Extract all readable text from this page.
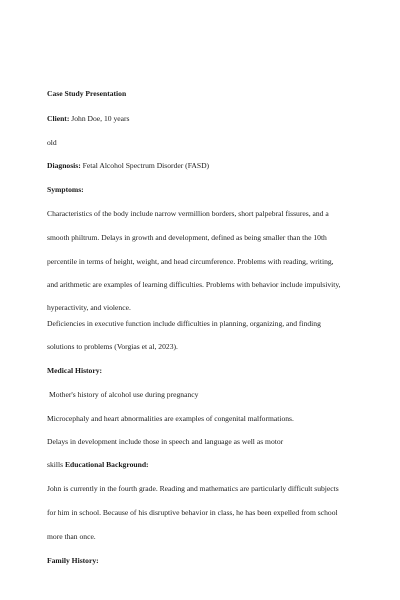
Case Study Presentation
Client: John Doe, 10 years
old
Diagnosis: Fetal Alcohol Spectrum Disorder (FASD)
Symptoms:
Characteristics of the body include narrow vermillion borders, short palpebral fissures, and a
smooth philtrum. Delays in growth and development, defined as being smaller than the 10th
percentile in terms of height, weight, and head circumference. Problems with reading, writing,
and arithmetic are examples of learning difficulties. Problems with behavior include impulsivity,
hyperactivity, and violence.
Deficiencies in executive function include difficulties in planning, organizing, and finding
solutions to problems (Vorgias et al, 2023).
Medical History:
Mother's history of alcohol use during pregnancy
Microcephaly and heart abnormalities are examples of congenital malformations.
Delays in development include those in speech and language as well as motor
skills Educational Background:
John is currently in the fourth grade. Reading and mathematics are particularly difficult subjects
for him in school. Because of his disruptive behavior in class, he has been expelled from school
more than once.
Family History:
